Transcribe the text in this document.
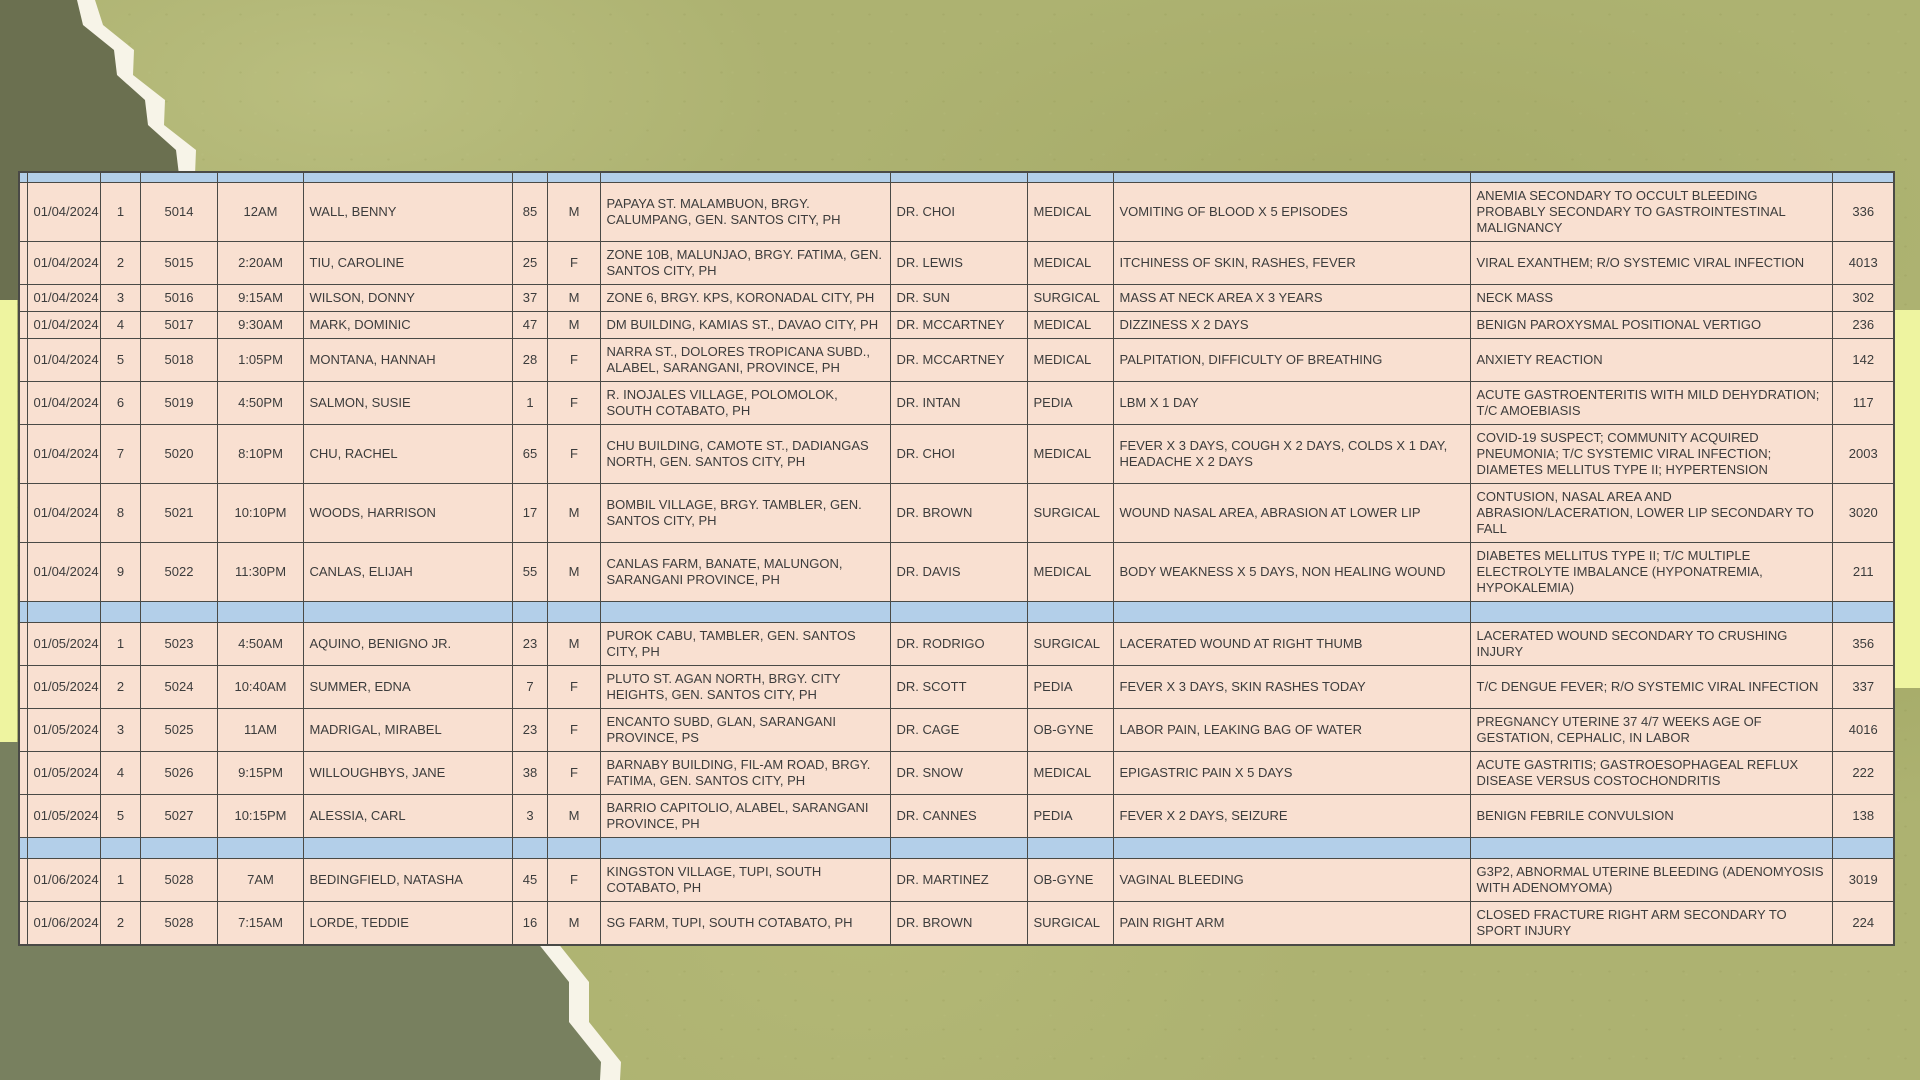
	01/04/2024	1	5014	12AM	WALL, BENNY	85	M	PAPAYA ST. MALAMBUON, BRGY. CALUMPANG, GEN. SANTOS CITY, PH	DR. CHOI	MEDICAL	VOMITING OF BLOOD X 5 EPISODES	ANEMIA SECONDARY TO OCCULT BLEEDING PROBABLY SECONDARY TO GASTROINTESTINAL MALIGNANCY	336
	01/04/2024	2	5015	2:20AM	TIU, CAROLINE	25	F	ZONE 10B, MALUNJAO, BRGY. FATIMA, GEN. SANTOS CITY, PH	DR. LEWIS	MEDICAL	ITCHINESS OF SKIN, RASHES, FEVER	VIRAL EXANTHEM; R/O SYSTEMIC VIRAL INFECTION	4013
	01/04/2024	3	5016	9:15AM	WILSON, DONNY	37	M	ZONE 6, BRGY. KPS, KORONADAL CITY, PH	DR. SUN	SURGICAL	MASS AT NECK AREA X 3 YEARS	NECK MASS	302
	01/04/2024	4	5017	9:30AM	MARK, DOMINIC	47	M	DM BUILDING, KAMIAS ST., DAVAO CITY, PH	DR. MCCARTNEY	MEDICAL	DIZZINESS X 2 DAYS	BENIGN PAROXYSMAL POSITIONAL VERTIGO	236
	01/04/2024	5	5018	1:05PM	MONTANA, HANNAH	28	F	NARRA ST., DOLORES TROPICANA SUBD., ALABEL, SARANGANI, PROVINCE, PH	DR. MCCARTNEY	MEDICAL	PALPITATION, DIFFICULTY OF BREATHING	ANXIETY REACTION	142
	01/04/2024	6	5019	4:50PM	SALMON, SUSIE	1	F	R. INOJALES VILLAGE, POLOMOLOK, SOUTH COTABATO, PH	DR. INTAN	PEDIA	LBM X 1 DAY	ACUTE GASTROENTERITIS WITH MILD DEHYDRATION; T/C AMOEBIASIS	117
	01/04/2024	7	5020	8:10PM	CHU, RACHEL	65	F	CHU BUILDING, CAMOTE ST., DADIANGAS NORTH, GEN. SANTOS CITY, PH	DR. CHOI	MEDICAL	FEVER X 3 DAYS, COUGH X 2 DAYS, COLDS X 1 DAY, HEADACHE X 2 DAYS	COVID-19 SUSPECT; COMMUNITY ACQUIRED PNEUMONIA; T/C SYSTEMIC VIRAL INFECTION; DIAMETES MELLITUS TYPE II; HYPERTENSION	2003
	01/04/2024	8	5021	10:10PM	WOODS, HARRISON	17	M	BOMBIL VILLAGE, BRGY. TAMBLER, GEN. SANTOS CITY, PH	DR. BROWN	SURGICAL	WOUND NASAL AREA, ABRASION AT LOWER LIP	CONTUSION, NASAL AREA AND ABRASION/LACERATION, LOWER LIP SECONDARY TO FALL	3020
	01/04/2024	9	5022	11:30PM	CANLAS, ELIJAH	55	M	CANLAS FARM, BANATE, MALUNGON, SARANGANI PROVINCE, PH	DR. DAVIS	MEDICAL	BODY WEAKNESS X 5 DAYS, NON HEALING WOUND	DIABETES MELLITUS TYPE II; T/C MULTIPLE ELECTROLYTE IMBALANCE (HYPONATREMIA, HYPOKALEMIA)	211

	01/05/2024	1	5023	4:50AM	AQUINO, BENIGNO JR.	23	M	PUROK CABU, TAMBLER, GEN. SANTOS CITY, PH	DR. RODRIGO	SURGICAL	LACERATED WOUND AT RIGHT THUMB	LACERATED WOUND SECONDARY TO CRUSHING INJURY	356
	01/05/2024	2	5024	10:40AM	SUMMER, EDNA	7	F	PLUTO ST. AGAN NORTH, BRGY. CITY HEIGHTS, GEN. SANTOS CITY, PH	DR. SCOTT	PEDIA	FEVER X 3 DAYS, SKIN RASHES TODAY	T/C DENGUE FEVER; R/O SYSTEMIC VIRAL INFECTION	337
	01/05/2024	3	5025	11AM	MADRIGAL, MIRABEL	23	F	ENCANTO SUBD, GLAN, SARANGANI PROVINCE, PS	DR. CAGE	OB-GYNE	LABOR PAIN, LEAKING BAG OF WATER	PREGNANCY UTERINE 37 4/7 WEEKS AGE OF GESTATION, CEPHALIC, IN LABOR	4016
	01/05/2024	4	5026	9:15PM	WILLOUGHBYS, JANE	38	F	BARNABY BUILDING, FIL-AM ROAD, BRGY. FATIMA, GEN. SANTOS CITY, PH	DR. SNOW	MEDICAL	EPIGASTRIC PAIN X 5 DAYS	ACUTE GASTRITIS; GASTROESOPHAGEAL REFLUX DISEASE VERSUS COSTOCHONDRITIS	222
	01/05/2024	5	5027	10:15PM	ALESSIA, CARL	3	M	BARRIO CAPITOLIO, ALABEL, SARANGANI PROVINCE, PH	DR. CANNES	PEDIA	FEVER X 2 DAYS, SEIZURE	BENIGN FEBRILE CONVULSION	138

	01/06/2024	1	5028	7AM	BEDINGFIELD, NATASHA	45	F	KINGSTON VILLAGE, TUPI, SOUTH COTABATO, PH	DR. MARTINEZ	OB-GYNE	VAGINAL BLEEDING	G3P2, ABNORMAL UTERINE BLEEDING (ADENOMYOSIS WITH ADENOMYOMA)	3019
	01/06/2024	2	5028	7:15AM	LORDE, TEDDIE	16	M	SG FARM, TUPI, SOUTH COTABATO, PH	DR. BROWN	SURGICAL	PAIN RIGHT ARM	CLOSED FRACTURE RIGHT ARM SECONDARY TO SPORT INJURY	224
